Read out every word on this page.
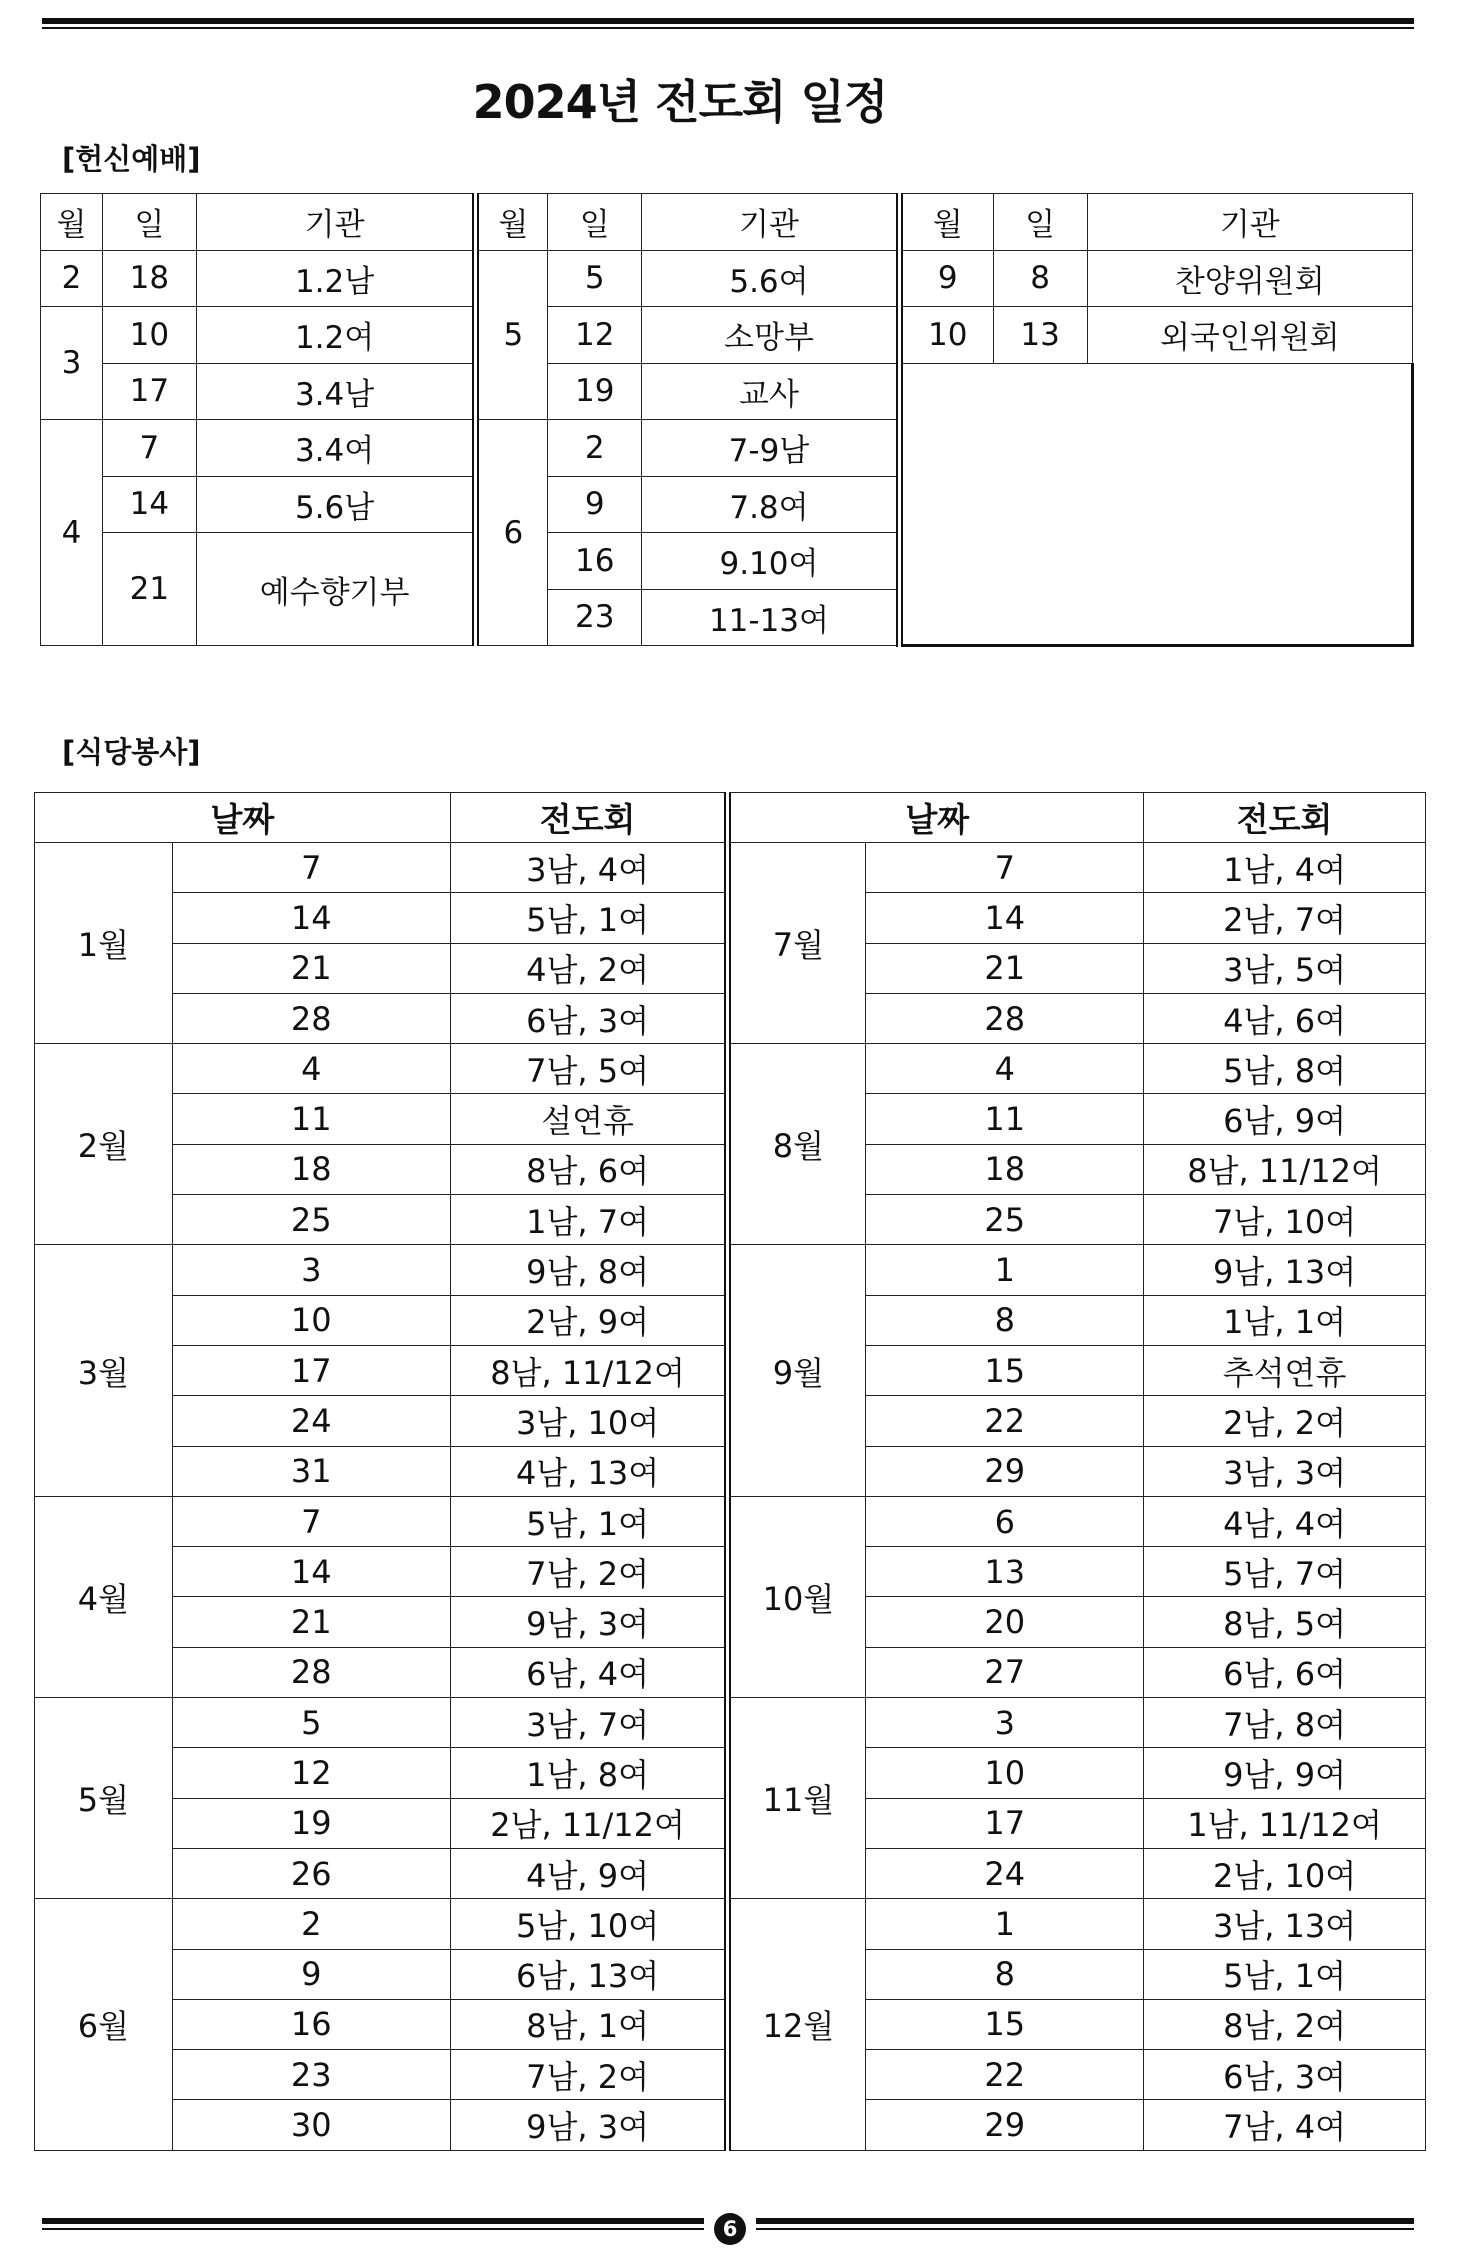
2024년 전도회 일정
[헌신예배]
월	일	기관	월	일	기관	월	일	기관
2	18	1.2남	5	5	5.6여	9	8	찬양위원회
3	10	1.2여		12	소망부	10	13	외국인위원회
	17	3.4남		19	교사			
4	7	3.4여	6	2	7-9남			
	14	5.6남		9	7.8여			
	21	예수향기부		16	9.10여			
				23	11-13여			
[식당봉사]
날짜		전도회	날짜		전도회
1월	7	3남, 4여	7월	7	1남, 4여
	14	5남, 1여		14	2남, 7여
	21	4남, 2여		21	3남, 5여
	28	6남, 3여		28	4남, 6여
2월	4	7남, 5여	8월	4	5남, 8여
	11	설연휴		11	6남, 9여
	18	8남, 6여		18	8남, 11/12여
	25	1남, 7여		25	7남, 10여
3월	3	9남, 8여	9월	1	9남, 13여
	10	2남, 9여		8	1남, 1여
	17	8남, 11/12여		15	추석연휴
	24	3남, 10여		22	2남, 2여
	31	4남, 13여		29	3남, 3여
4월	7	5남, 1여	10월	6	4남, 4여
	14	7남, 2여		13	5남, 7여
	21	9남, 3여		20	8남, 5여
	28	6남, 4여		27	6남, 6여
5월	5	3남, 7여	11월	3	7남, 8여
	12	1남, 8여		10	9남, 9여
	19	2남, 11/12여		17	1남, 11/12여
	26	4남, 9여		24	2남, 10여
6월	2	5남, 10여	12월	1	3남, 13여
	9	6남, 13여		8	5남, 1여
	16	8남, 1여		15	8남, 2여
	23	7남, 2여		22	6남, 3여
	30	9남, 3여		29	7남, 4여
6
